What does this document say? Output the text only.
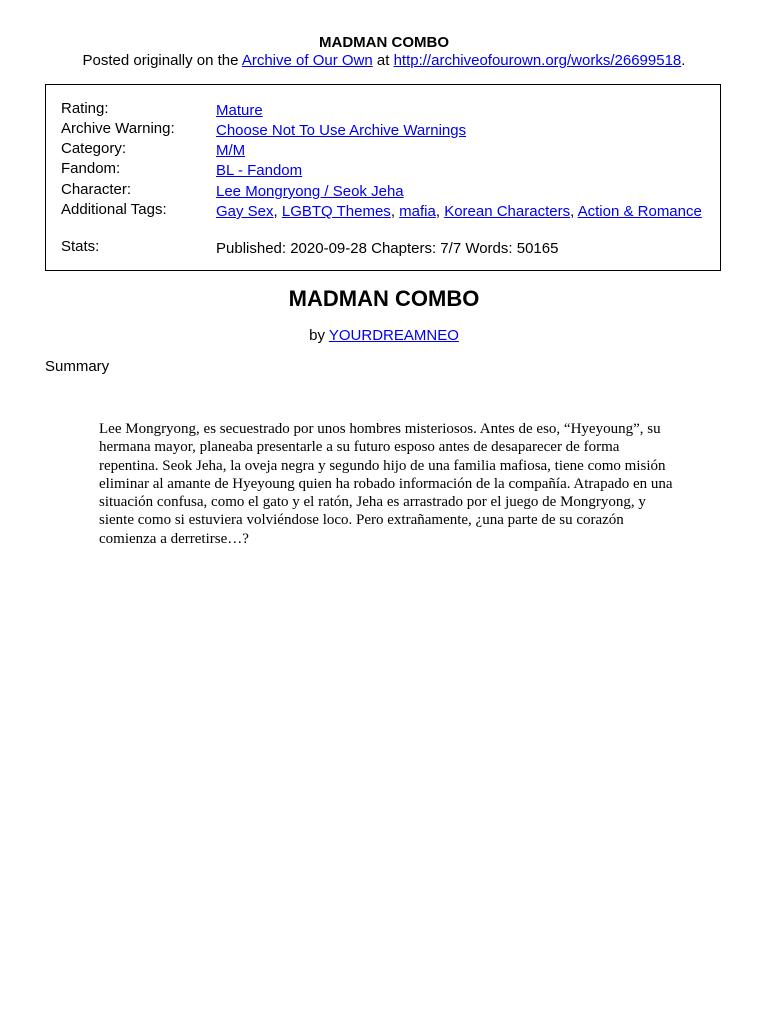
MADMAN COMBO
Posted originally on the Archive of Our Own at http://archiveofourown.org/works/26699518.
Rating:	Mature
Archive Warning:	Choose Not To Use Archive Warnings
Category:	M/M
Fandom:	BL - Fandom
Character:	Lee Mongryong / Seok Jeha
Additional Tags:	Gay Sex, LGBTQ Themes, mafia, Korean Characters, Action & Romance
Stats:	Published: 2020-09-28 Chapters: 7/7 Words: 50165
MADMAN COMBO
by YOURDREAMNEO
Summary
Lee Mongryong, es secuestrado por unos hombres misteriosos. Antes de eso, “Hyeyoung”, su hermana mayor, planeaba presentarle a su futuro esposo antes de desaparecer de forma repentina. Seok Jeha, la oveja negra y segundo hijo de una familia mafiosa, tiene como misión eliminar al amante de Hyeyoung quien ha robado información de la compañía. Atrapado en una situación confusa, como el gato y el ratón, Jeha es arrastrado por el juego de Mongryong, y siente como si estuviera volviéndose loco. Pero extrañamente, ¿una parte de su corazón comienza a derretirse…?
